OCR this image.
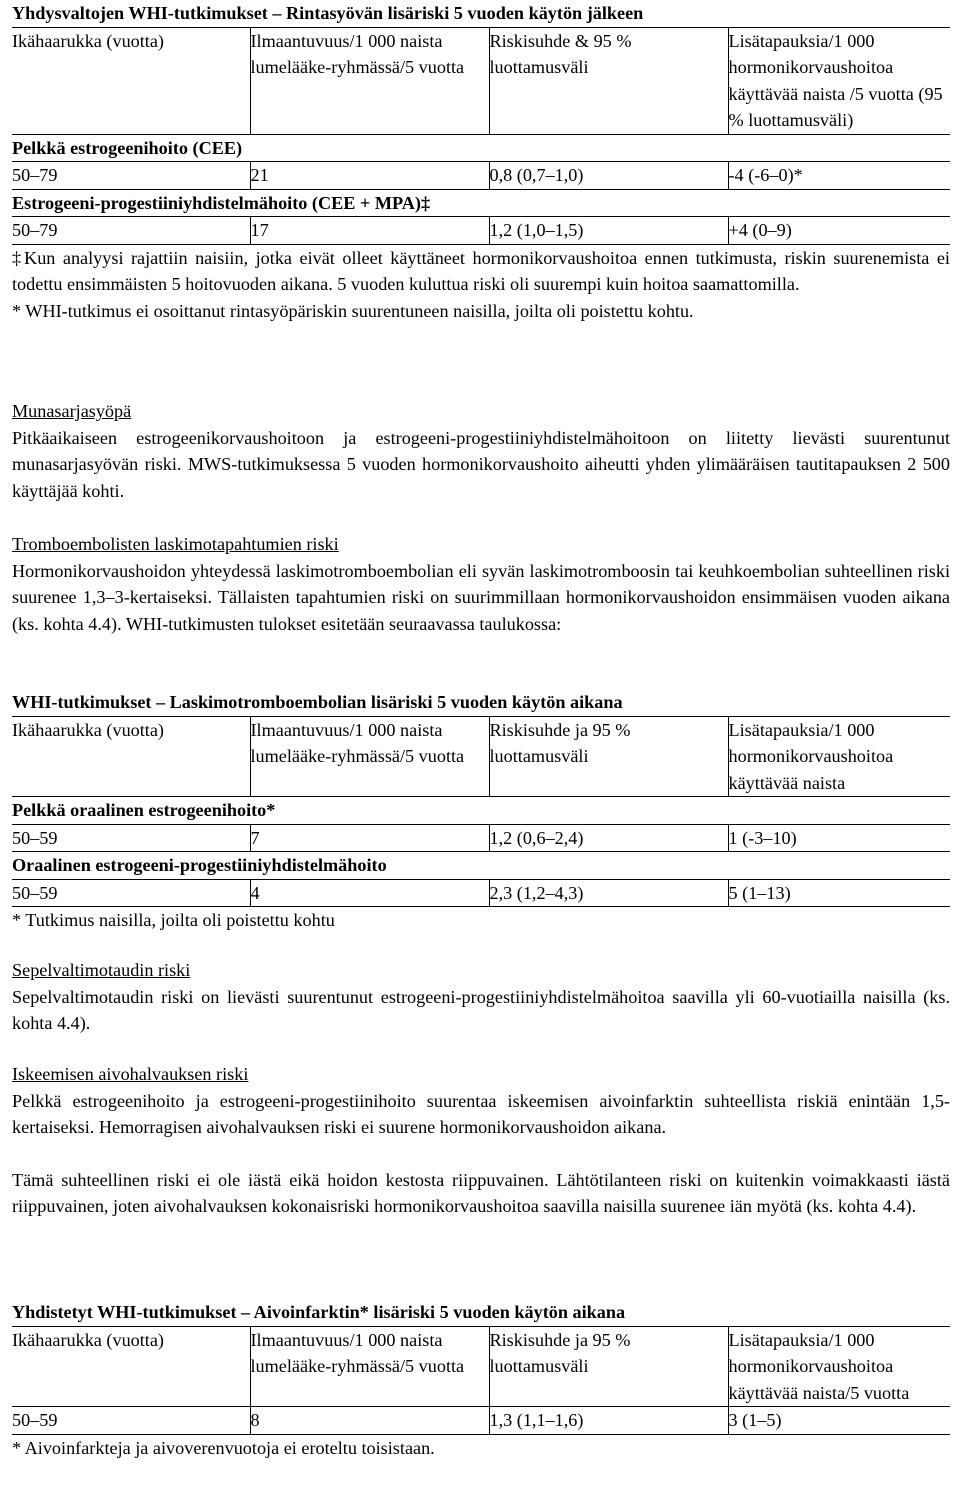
Yhdysvaltojen WHI-tutkimukset – Rintasyövän lisäriski 5 vuoden käytön jälkeen

Ikähaarukka (vuotta)	Ilmaantuvuus/1 000 naista lumelääke-ryhmässä/5 vuotta	Riskisuhde & 95 % luottamusväli	Lisätapauksia/1 000 hormonikorvaushoitoa käyttävää naista /5 vuotta (95 % luottamusväli)
Pelkkä estrogeenihoito (CEE)			
50–79	21	0,8 (0,7–1,0)	-4 (-6–0)*
Estrogeeni-progestiiniyhdistelmähoito (CEE + MPA)‡			
50–79	17	1,2 (1,0–1,5)	+4 (0–9)

‡Kun analyysi rajattiin naisiin, jotka eivät olleet käyttäneet hormonikorvaushoitoa ennen tutkimusta, riskin suurenemista ei todettu ensimmäisten 5 hoitovuoden aikana. 5 vuoden kuluttua riski oli suurempi kuin hoitoa saamattomilla.

* WHI-tutkimus ei osoittanut rintasyöpäriskin suurentuneen naisilla, joilta oli poistettu kohtu.

Munasarjasyöpä

Pitkäaikaiseen estrogeenikorvaushoitoon ja estrogeeni-progestiiniyhdistelmähoitoon on liitetty lievästi suurentunut munasarjasyövän riski. MWS-tutkimuksessa 5 vuoden hormonikorvaushoito aiheutti yhden ylimääräisen tautitapauksen 2 500 käyttäjää kohti.

Tromboembolisten laskimotapahtumien riski

Hormonikorvaushoidon yhteydessä laskimotromboembolian eli syvän laskimotromboosin tai keuhkoembolian suhteellinen riski suurenee 1,3–3-kertaiseksi. Tällaisten tapahtumien riski on suurimmillaan hormonikorvaushoidon ensimmäisen vuoden aikana (ks. kohta 4.4). WHI-tutkimusten tulokset esitetään seuraavassa taulukossa:

WHI-tutkimukset – Laskimotromboembolian lisäriski 5 vuoden käytön aikana

Ikähaarukka (vuotta)	Ilmaantuvuus/1 000 naista lumelääke-ryhmässä/5 vuotta	Riskisuhde ja 95 % luottamusväli	Lisätapauksia/1 000 hormonikorvaushoitoa käyttävää naista
Pelkkä oraalinen estrogeenihoito*			
50–59	7	1,2 (0,6–2,4)	1 (-3–10)
Oraalinen estrogeeni-progestiiniyhdistelmähoito			
50–59	4	2,3 (1,2–4,3)	5 (1–13)

* Tutkimus naisilla, joilta oli poistettu kohtu

Sepelvaltimotaudin riski

Sepelvaltimotaudin riski on lievästi suurentunut estrogeeni-progestiiniyhdistelmähoitoa saavilla yli 60-vuotiailla naisilla (ks. kohta 4.4).

Iskeemisen aivohalvauksen riski

Pelkkä estrogeenihoito ja estrogeeni-progestiinihoito suurentaa iskeemisen aivoinfarktin suhteellista riskiä enintään 1,5-kertaiseksi. Hemorragisen aivohalvauksen riski ei suurene hormonikorvaushoidon aikana.

Tämä suhteellinen riski ei ole iästä eikä hoidon kestosta riippuvainen. Lähtötilanteen riski on kuitenkin voimakkaasti iästä riippuvainen, joten aivohalvauksen kokonaisriski hormonikorvaushoitoa saavilla naisilla suurenee iän myötä (ks. kohta 4.4).

Yhdistetyt WHI-tutkimukset – Aivoinfarktin* lisäriski 5 vuoden käytön aikana

Ikähaarukka (vuotta)	Ilmaantuvuus/1 000 naista lumelääke-ryhmässä/5 vuotta	Riskisuhde ja 95 % luottamusväli	Lisätapauksia/1 000 hormonikorvaushoitoa käyttävää naista/5 vuotta
50–59	8	1,3 (1,1–1,6)	3 (1–5)

* Aivoinfarkteja ja aivoverenvuotoja ei eroteltu toisistaan.
